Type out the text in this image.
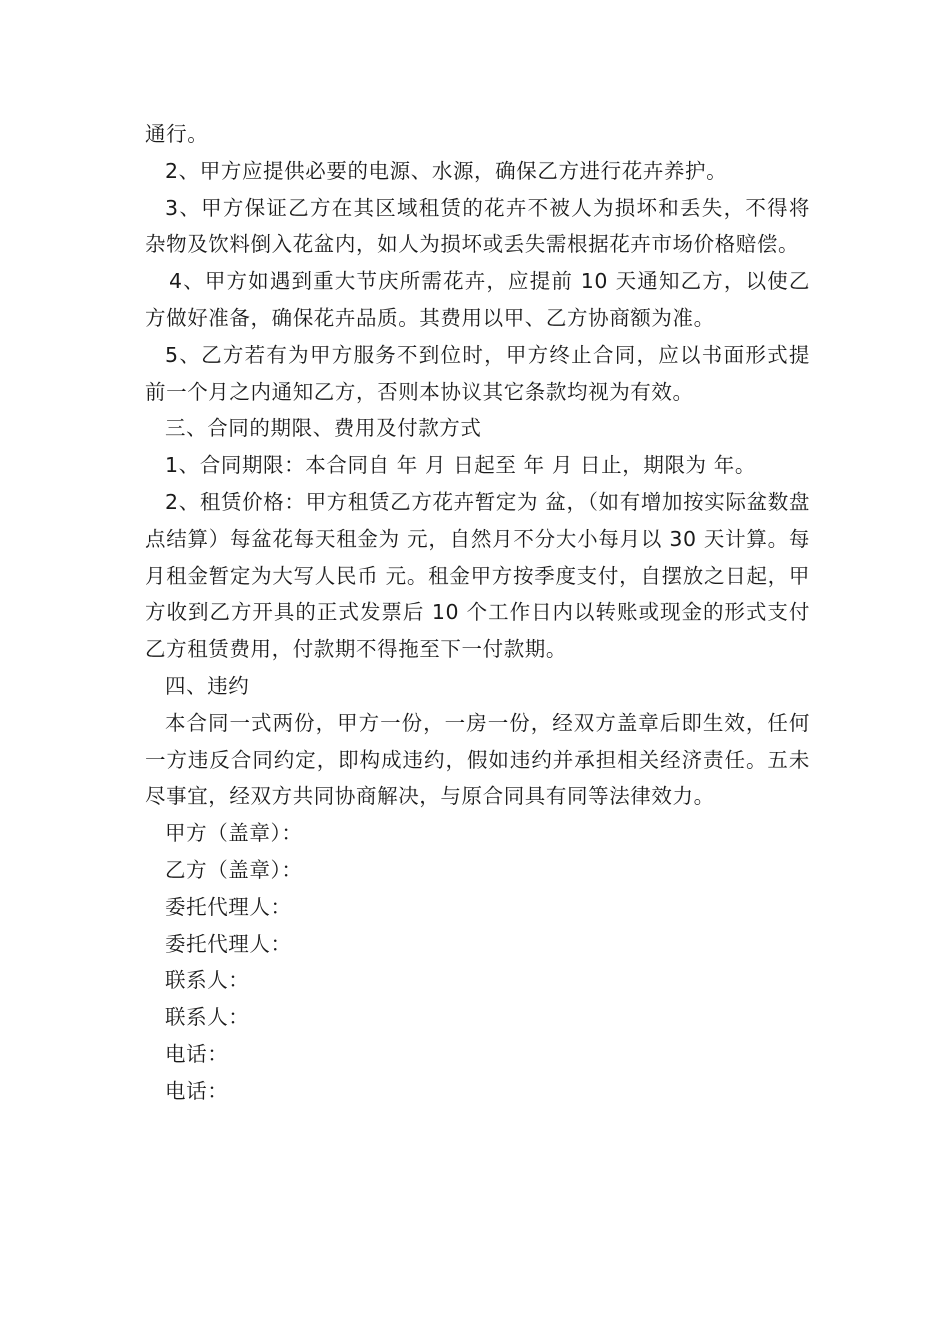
通行。

2、甲方应提供必要的电源、水源，确保乙方进行花卉养护。

3、甲方保证乙方在其区域租赁的花卉不被人为损坏和丢失，不得将杂物及饮料倒入花盆内，如人为损坏或丢失需根据花卉市场价格赔偿。

4、甲方如遇到重大节庆所需花卉，应提前 10 天通知乙方，以使乙方做好准备，确保花卉品质。其费用以甲、乙方协商额为准。

5、乙方若有为甲方服务不到位时，甲方终止合同，应以书面形式提前一个月之内通知乙方，否则本协议其它条款均视为有效。

三、合同的期限、费用及付款方式

1、合同期限：本合同自 年 月 日起至 年 月 日止，期限为 年。

2、租赁价格：甲方租赁乙方花卉暂定为 盆，（如有增加按实际盆数盘点结算）每盆花每天租金为 元，自然月不分大小每月以 30 天计算。每月租金暂定为大写人民币 元。租金甲方按季度支付，自摆放之日起，甲方收到乙方开具的正式发票后 10 个工作日内以转账或现金的形式支付乙方租赁费用，付款期不得拖至下一付款期。

四、违约

本合同一式两份，甲方一份，一房一份，经双方盖章后即生效，任何一方违反合同约定，即构成违约，假如违约并承担相关经济责任。五未尽事宜，经双方共同协商解决，与原合同具有同等法律效力。

甲方（盖章）：

乙方（盖章）：

委托代理人：

委托代理人：

联系人：

联系人：

电话：

电话：
